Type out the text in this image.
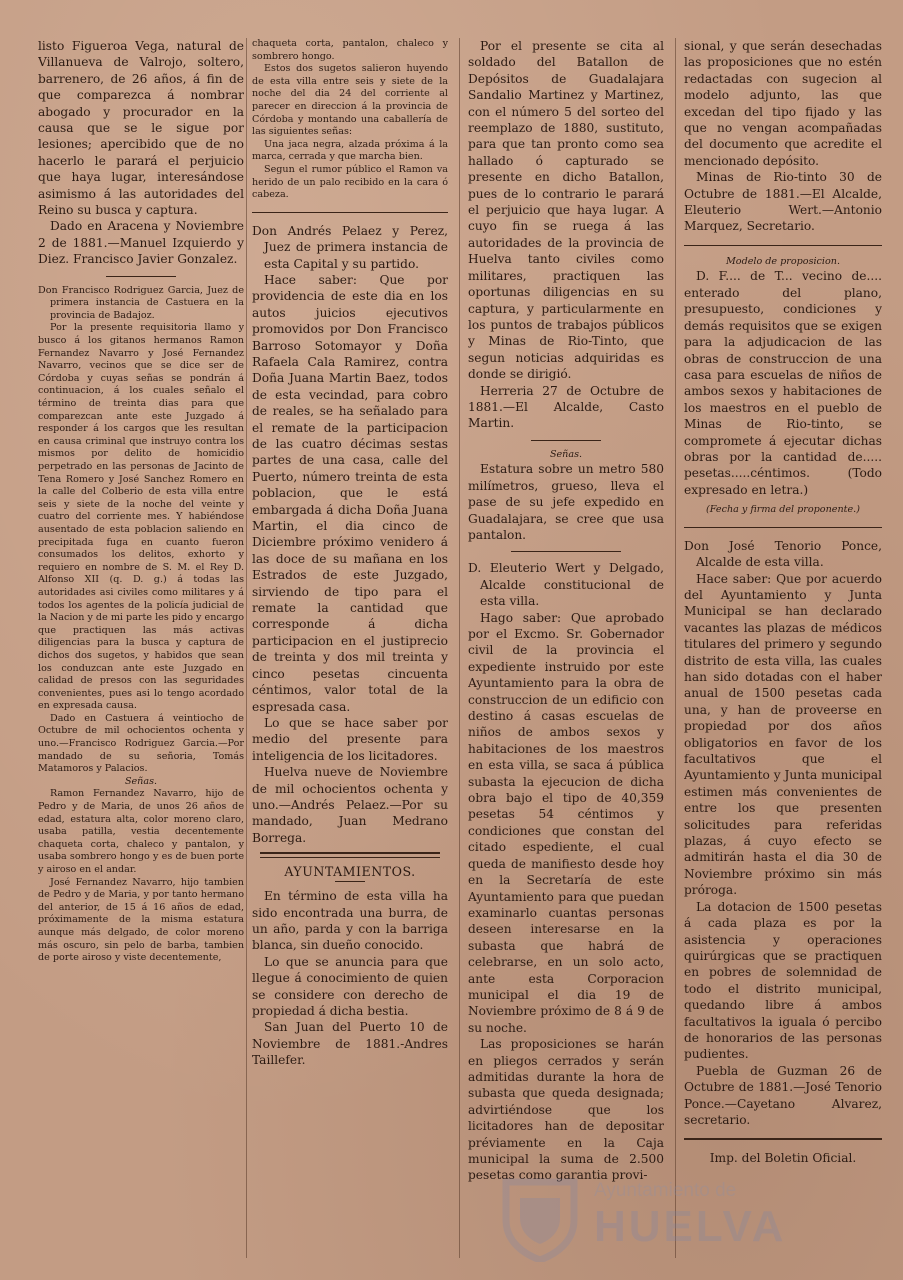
listo Figueroa Vega, natural de Villanueva de Valrojo, soltero, barrenero, de 26 años, á fin de que comparezca á nombrar abogado y procurador en la causa que se le sigue por lesiones; apercibido que de no hacerlo le parará el perjuicio que haya lugar, interesándose asimismo á las autoridades del Reino su busca y captura.

Dado en Aracena y Noviembre 2 de 1881.—Manuel Izquierdo y Diez. Francisco Javier Gonzalez.

Don Francisco Rodriguez Garcia, Juez de primera instancia de Castuera en la provincia de Badajoz.

Por la presente requisitoria llamo y busco á los gitanos hermanos Ramon Fernandez Navarro y José Fernandez Navarro, vecinos que se dice ser de Córdoba y cuyas señas se pondrán á continuacion, á los cuales señalo el término de treinta dias para que comparezcan ante este Juzgado á responder á los cargos que les resultan en causa criminal que instruyo contra los mismos por delito de homicidio perpetrado en las personas de Jacinto de Tena Romero y José Sanchez Romero en la calle del Colberio de esta villa entre seis y siete de la noche del veinte y cuatro del corriente mes. Y habiéndose ausentado de esta poblacion saliendo en precipitada fuga en cuanto fueron consumados los delitos, exhorto y requiero en nombre de S. M. el Rey D. Alfonso XII (q. D. g.) á todas las autoridades asi civiles como militares y á todos los agentes de la policía judicial de la Nacion y de mi parte les pido y encargo que practiquen las más activas diligencias para la busca y captura de dichos dos sugetos, y habidos que sean los conduzcan ante este Juzgado en calidad de presos con las seguridades convenientes, pues asi lo tengo acordado en expresada causa.

Dado en Castuera á veintiocho de Octubre de mil ochocientos ochenta y uno.—Francisco Rodriguez Garcia.—Por mandado de su señoria, Tomás Matamoros y Palacios.

Señas.

Ramon Fernandez Navarro, hijo de Pedro y de Maria, de unos 26 años de edad, estatura alta, color moreno claro, usaba patilla, vestia decentemente chaqueta corta, chaleco y pantalon, y usaba sombrero hongo y es de buen porte y airoso en el andar.

José Fernandez Navarro, hijo tambien de Pedro y de Maria, y por tanto hermano del anterior, de 15 á 16 años de edad, próximamente de la misma estatura aunque más delgado, de color moreno más oscuro, sin pelo de barba, tambien de porte airoso y viste decentemente,

chaqueta corta, pantalon, chaleco y sombrero hongo.

Estos dos sugetos salieron huyendo de esta villa entre seis y siete de la noche del dia 24 del corriente al parecer en direccion á la provincia de Córdoba y montando una caballería de las siguientes señas:

Una jaca negra, alzada próxima á la marca, cerrada y que marcha bien.

Segun el rumor público el Ramon va herido de un palo recibido en la cara ó cabeza.

Don Andrés Pelaez y Perez, Juez de primera instancia de esta Capital y su partido.

Hace saber: Que por providencia de este dia en los autos juicios ejecutivos promovidos por Don Francisco Barroso Sotomayor y Doña Rafaela Cala Ramirez, contra Doña Juana Martin Baez, todos de esta vecindad, para cobro de reales, se ha señalado para el remate de la participacion de las cuatro décimas sestas partes de una casa, calle del Puerto, número treinta de esta poblacion, que le está embargada á dicha Doña Juana Martin, el dia cinco de Diciembre próximo venidero á las doce de su mañana en los Estrados de este Juzgado, sirviendo de tipo para el remate la cantidad que corresponde á dicha participacion en el justiprecio de treinta y dos mil treinta y cinco pesetas cincuenta céntimos, valor total de la espresada casa.

Lo que se hace saber por medio del presente para inteligencia de los licitadores.

Huelva nueve de Noviembre de mil ochocientos ochenta y uno.—Andrés Pelaez.—Por su mandado, Juan Medrano Borrega.

AYUNTAMIENTOS.

En término de esta villa ha sido encontrada una burra, de un año, parda y con la barriga blanca, sin dueño conocido.

Lo que se anuncia para que llegue á conocimiento de quien se considere con derecho de propiedad á dicha bestia.

San Juan del Puerto 10 de Noviembre de 1881.-Andres Taillefer.

Por el presente se cita al soldado del Batallon de Depósitos de Guadalajara Sandalio Martinez y Martinez, con el número 5 del sorteo del reemplazo de 1880, sustituto, para que tan pronto como sea hallado ó capturado se presente en dicho Batallon, pues de lo contrario le parará el perjuicio que haya lugar. A cuyo fin se ruega á las autoridades de la provincia de Huelva tanto civiles como militares, practiquen las oportunas diligencias en su captura, y particularmente en los puntos de trabajos públicos y Minas de Rio-Tinto, que segun noticias adquiridas es donde se dirigió.

Herreria 27 de Octubre de 1881.—El Alcalde, Casto Martin.

Señas.

Estatura sobre un metro 580 milímetros, grueso, lleva el pase de su jefe expedido en Guadalajara, se cree que usa pantalon.

D. Eleuterio Wert y Delgado, Alcalde constitucional de esta villa.

Hago saber: Que aprobado por el Excmo. Sr. Gobernador civil de la provincia el expediente instruido por este Ayuntamiento para la obra de construccion de un edificio con destino á casas escuelas de niños de ambos sexos y habitaciones de los maestros en esta villa, se saca á pública subasta la ejecucion de dicha obra bajo el tipo de 40,359 pesetas 54 céntimos y condiciones que constan del citado espediente, el cual queda de manifiesto desde hoy en la Secretaría de este Ayuntamiento para que puedan examinarlo cuantas personas deseen interesarse en la subasta que habrá de celebrarse, en un solo acto, ante esta Corporacion municipal el dia 19 de Noviembre próximo de 8 á 9 de su noche.

Las proposiciones se harán en pliegos cerrados y serán admitidas durante la hora de subasta que queda designada; advirtiéndose que los licitadores han de depositar préviamente en la Caja municipal la suma de 2.500 pesetas como garantia provi-

sional, y que serán desechadas las proposiciones que no estén redactadas con sugecion al modelo adjunto, las que excedan del tipo fijado y las que no vengan acompañadas del documento que acredite el mencionado depósito.

Minas de Rio-tinto 30 de Octubre de 1881.—El Alcalde, Eleuterio Wert.—Antonio Marquez, Secretario.

Modelo de proposicion.

D. F.... de T... vecino de.... enterado del plano, presupuesto, condiciones y demás requisitos que se exigen para la adjudicacion de las obras de construccion de una casa para escuelas de niños de ambos sexos y habitaciones de los maestros en el pueblo de Minas de Rio-tinto, se compromete á ejecutar dichas obras por la cantidad de..... pesetas.....céntimos. (Todo expresado en letra.)

(Fecha y firma del proponente.)

Don José Tenorio Ponce, Alcalde de esta villa.

Hace saber: Que por acuerdo del Ayuntamiento y Junta Municipal se han declarado vacantes las plazas de médicos titulares del primero y segundo distrito de esta villa, las cuales han sido dotadas con el haber anual de 1500 pesetas cada una, y han de proveerse en propiedad por dos años obligatorios en favor de los facultativos que el Ayuntamiento y Junta municipal estimen más convenientes de entre los que presenten solicitudes para referidas plazas, á cuyo efecto se admitirán hasta el dia 30 de Noviembre próximo sin más próroga.

La dotacion de 1500 pesetas á cada plaza es por la asistencia y operaciones quirúrgicas que se practiquen en pobres de solemnidad de todo el distrito municipal, quedando libre á ambos facultativos la iguala ó percibo de honorarios de las personas pudientes.

Puebla de Guzman 26 de Octubre de 1881.—José Tenorio Ponce.—Cayetano Alvarez, secretario.

Imp. del Boletin Oficial.

Ayuntamiento de
HUELVA
